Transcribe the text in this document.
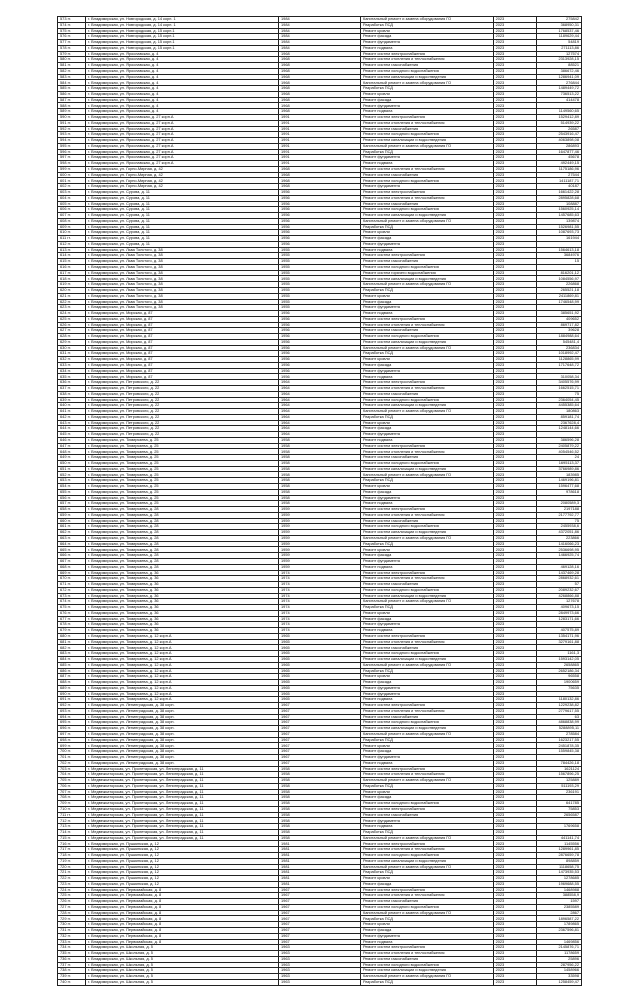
573 гг.	г. Владимирская, ул. Новгородская, д. 14 корп. 1	1984	Капитальный ремонт и замена оборудования ГО	2023	275842
574 гг.	г. Владимирская, ул. Новгородская, д. 14 корп. 1	1984	Разработка ПСД	2023	368950,31
575 гг.	г. Владимирская, ул. Новгородская, д. 15 корп.1	1984	Ремонт кровли	2023	1768537,46
576 гг.	г. Владимирская, ул. Новгородская, д. 15 корп.1	1984	Ремонт фасада	2023	1189629,44
577 гг.	г. Владимирская, ул. Новгородская, д. 15 корп.1	1984	Ремонт фундамента	2023	54819
578 гг.	г. Владимирская, ул. Новгородская, д. 15 корп.1	1984	Ремонт подвала	2023	271113,86
579 гг.	г. Владимирская, ул. Ярославская, д. 4	1968	Ремонт систем электроснабжения	2023	127574
580 гг.	г. Владимирская, ул. Ярославская, д. 4	1968	Ремонт систем отопления и теплоснабжения	2023	2313928,15
581 гг.	г. Владимирская, ул. Ярославская, д. 4	1968	Ремонт систем газоснабжения	2023	88521
582 гг.	г. Владимирская, ул. Ярославская, д. 4	1968	Ремонт систем холодного водоснабжения	2023	386672,46
583 гг.	г. Владимирская, ул. Ярославская, д. 4	1968	Ремонт систем канализации и водоотведения	2023	1286941,09
584 гг.	г. Владимирская, ул. Ярославская, д. 4	1968	Капитальный ремонт и замена оборудования ГО	2023	276844
585 гг.	г. Владимирская, ул. Ярославская, д. 4	1968	Разработка ПСД	2023	1489449,72
586 гг.	г. Владимирская, ул. Ярославская, д. 4	1968	Ремонт кровли	2023	736513,22
587 гг.	г. Владимирская, ул. Ярославская, д. 4	1968	Ремонт фасада	2023	414478
588 гг.	г. Владимирская, ул. Ярославская, д. 4	1968	Ремонт фундамента	2023	
589 гг.	г. Владимирская, ул. Ярославская, д. 4	1968	Ремонт подвала	2023	1149560,65
590 гг.	г. Владимирская, ул. Ярославская, д. 27 корп.А	1991	Ремонт систем электроснабжения	2023	1529412,89
591 гг.	г. Владимирская, ул. Ярославская, д. 27 корп.А	1991	Ремонт систем отопления и теплоснабжения	2023	514939,22
592 гг.	г. Владимирская, ул. Ярославская, д. 27 корп.А	1991	Ремонт систем газоснабжения	2023	26587
593 гг.	г. Владимирская, ул. Ярославская, д. 27 корп.А	1991	Ремонт систем холодного водоснабжения	2023	2543916,47
594 гг.	г. Владимирская, ул. Ярославская, д. 27 корп.А	1991	Ремонт систем канализации и водоотведения	2023	4063898,08
595 гг.	г. Владимирская, ул. Ярославская, д. 27 корп.А	1991	Капитальный ремонт и замена оборудования ГО	2023	286893
596 гг.	г. Владимирская, ул. Ярославская, д. 27 корп.А	1991	Разработка ПСД	2023	1647877,46
597 гг.	г. Владимирская, ул. Ярославская, д. 27 корп.А	1991	Ремонт фундамента	2023	45678
598 гг.	г. Владимирская, ул. Ярославская, д. 27 корп.А	1991	Ремонт подвала	2023	492449,15
599 гг.	г. Владимирская, ул. Горно-Мирная, д. 42	1968	Ремонт систем отопления и теплоснабжения	2023	1175186,96
600 гг.	г. Владимирская, ул. Горно-Мирная, д. 42	1968	Ремонт систем газоснабжения	2023	27544
601 гг.	г. Владимирская, ул. Горно-Мирная, д. 42	1968	Ремонт систем холодного водоснабжения	2023	1411187,71
602 гг.	г. Владимирская, ул. Горно-Мирная, д. 42	1968	Ремонт фундамента	2023	40187
603 гг.	г. Владимирская, ул. Сурова, д. 11	1956	Ремонт систем электроснабжения	2023	1661422,28
604 гг.	г. Владимирская, ул. Сурова, д. 11	1956	Ремонт систем отопления и теплоснабжения	2023	2895828,68
605 гг.	г. Владимирская, ул. Сурова, д. 11	1956	Ремонт систем газоснабжения	2023	108887
606 гг.	г. Владимирская, ул. Сурова, д. 11	1956	Ремонт систем холодного водоснабжения	2023	1560925,14
607 гг.	г. Владимирская, ул. Сурова, д. 11	1956	Ремонт систем канализации и водоотведения	2023	1457685,63
608 гг.	г. Владимирская, ул. Сурова, д. 11	1956	Капитальный ремонт и замена оборудования ГО	2023	139874
609 гг.	г. Владимирская, ул. Сурова, д. 11	1956	Разработка ПСД	2023	1526981,55
610 гг.	г. Владимирская, ул. Сурова, д. 11	1956	Ремонт кровли	2023	1087693,73
611 гг.	г. Владимирская, ул. Сурова, д. 11	1956	Ремонт фасада	2023	161944
612 гг.	г. Владимирская, ул. Сурова, д. 11	1956	Ремонт фундамента	2023	
613 гг.	г. Владимирская, ул. Льва Толстого, д. 38	1955	Ремонт подвала	2023	1564613,18
614 гг.	г. Владимирская, ул. Льва Толстого, д. 38	1955	Ремонт систем электроснабжения	2023	3684976
615 гг.	г. Владимирская, ул. Льва Толстого, д. 38	1955	Ремонт систем газоснабжения	2023	15
616 гг.	г. Владимирская, ул. Льва Толстого, д. 38	1955	Ремонт систем холодного водоснабжения	2023	
617 гг.	г. Владимирская, ул. Льва Толстого, д. 38	1955	Ремонт систем горячего водоснабжения	2023	816201,12
618 гг.	г. Владимирская, ул. Льва Толстого, д. 38	1955	Ремонт систем канализации и водоотведения	2023	1084556,97
619 гг.	г. Владимирская, ул. Льва Толстого, д. 38	1955	Капитальный ремонт и замена оборудования ГО	2023	226868
620 гг.	г. Владимирская, ул. Льва Толстого, д. 38	1955	Разработка ПСД	2023	265521,18
621 гг.	г. Владимирская, ул. Льва Толстого, д. 38	1955	Ремонт кровли	2023	2411869,81
622 гг.	г. Владимирская, ул. Льва Толстого, д. 38	1955	Ремонт фасада	2023	1746548,99
623 гг.	г. Владимирская, ул. Льва Толстого, д. 38	1955	Ремонт фундамента	2023	
624 гг.	г. Владимирская, ул. Мирская, д. 87	1956	Ремонт подвала	2023	385651,92
625 гг.	г. Владимирская, ул. Мирская, д. 87	1956	Ремонт систем электроснабжения	2023	409652
626 гг.	г. Владимирская, ул. Мирская, д. 87	1956	Ремонт систем отопления и теплоснабжения	2023	869717,82
627 гг.	г. Владимирская, ул. Мирская, д. 87	1956	Ремонт систем газоснабжения	2023	39628
628 гг.	г. Владимирская, ул. Мирская, д. 87	1956	Ремонт систем холодного водоснабжения	2023	1884988,64
629 гг.	г. Владимирская, ул. Мирская, д. 87	1956	Ремонт систем канализации и водоотведения	2023	545481,4
630 гг.	г. Владимирская, ул. Мирская, д. 87	1956	Капитальный ремонт и замена оборудования ГО	2023	236834
631 гг.	г. Владимирская, ул. Мирская, д. 87	1956	Разработка ПСД	2023	1018992,47
632 гг.	г. Владимирская, ул. Мирская, д. 87	1956	Ремонт кровли	2023	1128865,99
633 гг.	г. Владимирская, ул. Мирская, д. 87	1956	Ремонт фасада	2023	1717648,72
634 гг.	г. Владимирская, ул. Мирская, д. 87	1956	Ремонт фундамента	2023	
635 гг.	г. Владимирская, ул. Мирская, д. 87	1956	Ремонт подвала	2023	310058,34
636 гг.	г. Владимирская, ул. Петровского, д. 22	1964	Ремонт систем электроснабжения	2023	3405576,99
637 гг.	г. Владимирская, ул. Петровского, д. 22	1964	Ремонт систем отопления и теплоснабжения	2023	1662515,71
638 гг.	г. Владимирская, ул. Петровского, д. 22	1964	Ремонт систем газоснабжения	2023	75
639 гг.	г. Владимирская, ул. Петровского, д. 22	1964	Ремонт систем холодного водоснабжения	2023	2364054,45
640 гг.	г. Владимирская, ул. Петровского, д. 22	1964	Ремонт систем канализации и водоотведения	2023	4455385,64
641 гг.	г. Владимирская, ул. Петровского, д. 22	1964	Капитальный ремонт и замена оборудования ГО	2023	180863
642 гг.	г. Владимирская, ул. Петровского, д. 22	1964	Разработка ПСД	2023	859181,74
643 гг.	г. Владимирская, ул. Петровского, д. 22	1964	Ремонт кровли	2023	2367628,4
644 гг.	г. Владимирская, ул. Петровского, д. 22	1964	Ремонт фасада	2023	1248144,66
645 гг.	г. Владимирская, ул. Петровского, д. 22	1964	Ремонт фундамента	2023	
646 гг.	г. Владимирская, ул. Тимирязева, д. 25	1958	Ремонт подвала	2023	386596,28
647 гг.	г. Владимирская, ул. Тимирязева, д. 25	1958	Ремонт систем электроснабжения	2023	2405879,22
648 гг.	г. Владимирская, ул. Тимирязева, д. 25	1958	Ремонт систем отопления и теплоснабжения	2023	4054546,52
649 гг.	г. Владимирская, ул. Тимирязева, д. 25	1958	Ремонт систем газоснабжения	2023	24
650 гг.	г. Владимирская, ул. Тимирязева, д. 25	1958	Ремонт систем холодного водоснабжения	2023	1695113,37
651 гг.	г. Владимирская, ул. Тимирязева, д. 25	1958	Ремонт систем канализации и водоотведения	2023	3766989,86
652 гг.	г. Владимирская, ул. Тимирязева, д. 25	1958	Капитальный ремонт и замена оборудования ГО	2023	183985
653 гг.	г. Владимирская, ул. Тимирязева, д. 25	1958	Разработка ПСД	2023	1469196,81
654 гг.	г. Владимирская, ул. Тимирязева, д. 25	1958	Ремонт кровли	2023	1596477,68
655 гг.	г. Владимирская, ул. Тимирязева, д. 25	1958	Ремонт фасада	2023	978618
656 гг.	г. Владимирская, ул. Тимирязева, д. 25	1958	Ремонт фундамента	2023	
657 гг.	г. Владимирская, ул. Тимирязева, д. 25	1958	Ремонт подвала	2023	2080589,3
658 гг.	г. Владимирская, ул. Тимирязева, д. 28	1959	Ремонт систем электроснабжения	2023	2197188
659 гг.	г. Владимирская, ул. Тимирязева, д. 28	1959	Ремонт систем отопления и теплоснабжения	2023	2177792,77
660 гг.	г. Владимирская, ул. Тимирязева, д. 28	1959	Ремонт систем газоснабжения	2023	75
661 гг.	г. Владимирская, ул. Тимирязева, д. 28	1959	Ремонт систем холодного водоснабжения	2023	2455938,6
662 гг.	г. Владимирская, ул. Тимирязева, д. 28	1959	Ремонт систем канализации и водоотведения	2023	4372051,86
663 гг.	г. Владимирская, ул. Тимирязева, д. 28	1959	Капитальный ремонт и замена оборудования ГО	2023	223866
664 гг.	г. Владимирская, ул. Тимирязева, д. 28	1959	Разработка ПСД	2023	1416066,23
665 гг.	г. Владимирская, ул. Тимирязева, д. 28	1959	Ремонт кровли	2023	2536698,95
666 гг.	г. Владимирская, ул. Тимирязева, д. 28	1959	Ремонт фасада	2023	1466925,74
667 гг.	г. Владимирская, ул. Тимирязева, д. 28	1959	Ремонт фундамента	2023	
668 гг.	г. Владимирская, ул. Тимирязева, д. 28	1959	Ремонт подвала	2023	469128,16
669 гг.	г. Владимирская, ул. Тимирязева, д. 36	1974	Ремонт систем электроснабжения	2023	1437469,28
670 гг.	г. Владимирская, ул. Тимирязева, д. 36	1974	Ремонт систем отопления и теплоснабжения	2023	2868932,61
671 гг.	г. Владимирская, ул. Тимирязева, д. 36	1974	Ремонт систем газоснабжения	2023	57
672 гг.	г. Владимирская, ул. Тимирязева, д. 36	1974	Ремонт систем холодного водоснабжения	2023	2089232,67
673 гг.	г. Владимирская, ул. Тимирязева, д. 36	1974	Ремонт систем канализации и водоотведения	2023	4268866,88
674 гг.	г. Владимирская, ул. Тимирязева, д. 36	1974	Капитальный ремонт и замена оборудования ГО	2023	127678
675 гг.	г. Владимирская, ул. Тимирязева, д. 36	1974	Разработка ПСД	2023	409673,15
676 гг.	г. Владимирская, ул. Тимирязева, д. 36	1974	Ремонт кровли	2023	2849973,66
677 гг.	г. Владимирская, ул. Тимирязева, д. 36	1974	Ремонт фасада	2023	1283171,66
678 гг.	г. Владимирская, ул. Тимирязева, д. 36	1974	Ремонт фундамента	2023	
679 гг.	г. Владимирская, ул. Тимирязева, д. 36	1974	Ремонт подвала	2023	407575,89
680 гг.	г. Владимирская, ул. Тимирязева, д. 12 корп.А	1965	Ремонт систем электроснабжения	2023	1354171,96
681 гг.	г. Владимирская, ул. Тимирязева, д. 12 корп.А	1965	Ремонт систем отопления и теплоснабжения	2023	3279161,88
682 гг.	г. Владимирская, ул. Тимирязева, д. 12 корп.А	1965	Ремонт систем газоснабжения	2023	
683 гг.	г. Владимирская, ул. Тимирязева, д. 12 корп.А	1965	Ремонт систем холодного водоснабжения	2023	1161,3
684 гг.	г. Владимирская, ул. Тимирязева, д. 12 корп.А	1965	Ремонт систем канализации и водоотведения	2023	1593142,05
685 гг.	г. Владимирская, ул. Тимирязева, д. 12 корп.А	1965	Капитальный ремонт и замена оборудования ГО	2023	2658865
686 гг.	г. Владимирская, ул. Тимирязева, д. 12 корп.А	1965	Разработка ПСД	2023	2652186,34
687 гг.	г. Владимирская, ул. Тимирязева, д. 12 корп.А	1965	Ремонт кровли	2023	96558
688 гг.	г. Владимирская, ул. Тимирязева, д. 12 корп.А	1965	Ремонт фасада	2023	1900659
689 гг.	г. Владимирская, ул. Тимирязева, д. 12 корп.А	1965	Ремонт фундамента	2023	75635
690 гг.	г. Владимирская, ул. Тимирязева, д. 12 корп.А	1965	Ремонт фундамента	2023	
691 гг.	г. Владимирская, ул. Тимирязева, д. 12 корп.А	1965	Ремонт подвала	2023	1180132,86
692 гг.	г. Владимирская, ул. Ленинградская, д. 38 корп.	1967	Ремонт систем электроснабжения	2023	1229238,82
693 гг.	г. Владимирская, ул. Ленинградская, д. 38 корп.	1967	Ремонт систем отопления и теплоснабжения	2023	2779617,55
694 гг.	г. Владимирская, ул. Ленинградская, д. 38 корп.	1967	Ремонт систем газоснабжения	2023	63
695 гг.	г. Владимирская, ул. Ленинградская, д. 38 корп.	1967	Ремонт систем холодного водоснабжения	2023	4868838,99
696 гг.	г. Владимирская, ул. Ленинградская, д. 38 корп.	1967	Ремонт систем канализации и водоотведения	2023	5288895,11
697 гг.	г. Владимирская, ул. Ленинградская, д. 38 корп.	1967	Капитальный ремонт и замена оборудования ГО	2023	278584
698 гг.	г. Владимирская, ул. Ленинградская, д. 38 корп.	1967	Разработка ПСД	2023	1623217,55
699 гг.	г. Владимирская, ул. Ленинградская, д. 38 корп.	1967	Ремонт кровли	2023	2451878,35
700 гг.	г. Владимирская, ул. Ленинградская, д. 38 корп.	1967	Ремонт фасада	2023	1559845,38
701 гг.	г. Владимирская, ул. Ленинградская, д. 38 корп.	1967	Ремонт фундамента	2023	
702 гг.	г. Владимирская, ул. Ленинградская, д. 38 корп.	1967	Ремонт подвала	2023	784426,18
703 гг.	г. Медвежьегорская, ул. Пролетарская, ул. Ленинградская, д. 11	1958	Ремонт систем электроснабжения	2023	1621124
704 гг.	г. Медвежьегорская, ул. Пролетарская, ул. Ленинградская, д. 11	1958	Ремонт систем отопления и теплоснабжения	2023	1567896,25
705 гг.	г. Медвежьегорская, ул. Пролетарская, ул. Ленинградская, д. 11	1958	Капитальный ремонт и замена оборудования ГО	2023	125889
706 гг.	г. Медвежьегорская, ул. Пролетарская, ул. Ленинградская, д. 11	1958	Разработка ПСД	2023	511193,29
707 гг.	г. Медвежьегорская, ул. Пролетарская, ул. Ленинградская, д. 11	1958	Ремонт кровли	2023	236191
708 гг.	г. Медвежьегорская, ул. Пролетарская, ул. Ленинградская, д. 11	1958	Ремонт фасада	2023	
709 гг.	г. Медвежьегорская, ул. Пролетарская, ул. Ленинградская, д. 11	1958	Ремонт систем холодного водоснабжения	2023	641785
710 гг.	г. Медвежьегорская, ул. Пролетарская, ул. Ленинградская, д. 11	1958	Ремонт систем электроснабжения	2023	75853
711 гг.	г. Медвежьегорская, ул. Пролетарская, ул. Ленинградская, д. 11	1958	Ремонт систем газоснабжения	2023	2656587
712 гг.	г. Медвежьегорская, ул. Пролетарская, ул. Ленинградская, д. 11	1958	Ремонт фундамента	2023	
713 гг.	г. Медвежьегорская, ул. Пролетарская, ул. Ленинградская, д. 11	1958	Ремонт подвала	2023	1769658
714 гг.	г. Медвежьегорская, ул. Пролетарская, ул. Ленинградская, д. 11	1958	Разработка ПСД	2023	
715 гг.	г. Медвежьегорская, ул. Пролетарская, ул. Ленинградская, д. 11	1958	Капитальный ремонт и замена оборудования ГО	2023	441141,74
716 гг.	г. Владимирская, ул. Пушкинская, д. 12	1981	Ремонт систем электроснабжения	2023	1145556
717 гг.	г. Владимирская, ул. Пушкинская, д. 12	1981	Ремонт систем отопления и теплоснабжения	2023	1289961,85
718 гг.	г. Владимирская, ул. Пушкинская, д. 12	1981	Ремонт систем холодного водоснабжения	2023	2876659,78
719 гг.	г. Владимирская, ул. Пушкинская, д. 12	1981	Ремонт систем канализации и водоотведения	2023	898859
720 гг.	г. Владимирская, ул. Пушкинская, д. 12	1981	Капитальный ремонт и замена оборудования ГО	2023	1118658,75
721 гг.	г. Владимирская, ул. Пушкинская, д. 12	1981	Разработка ПСД	2023	1473935,53
722 гг.	г. Владимирская, ул. Пушкинская, д. 12	1981	Ремонт кровли	2023	1278685
723 гг.	г. Владимирская, ул. Пушкинская, д. 12	1981	Ремонт фасада	2023	1969688,55
724 гг.	г. Владимирская, ул. Первомайская, д. 8	1967	Ремонт систем электроснабжения	2023	1468988
725 гг.	г. Владимирская, ул. Первомайская, д. 8	1967	Ремонт систем отопления и теплоснабжения	2023	388558,9
726 гг.	г. Владимирская, ул. Первомайская, д. 8	1967	Ремонт систем газоснабжения	2023	1597
727 гг.	г. Владимирская, ул. Первомайская, д. 8	1967	Ремонт систем холодного водоснабжения	2023	2385589
728 гг.	г. Владимирская, ул. Первомайская, д. 8	1967	Капитальный ремонт и замена оборудования ГО	2023	2867
729 гг.	г. Владимирская, ул. Первомайская, д. 8	1967	Разработка ПСД	2023	1896587,22
730 гг.	г. Владимирская, ул. Первомайская, д. 8	1967	Ремонт кровли	2023	1789865
731 гг.	г. Владимирская, ул. Первомайская, д. 8	1967	Ремонт фасада	2023	2367596,81
732 гг.	г. Владимирская, ул. Первомайская, д. 8	1967	Ремонт фундамента	2023	
733 гг.	г. Владимирская, ул. Первомайская, д. 8	1967	Ремонт подвала	2023	1469856
734 гг.	г. Владимирская, ул. Школьная, д. 5	1963	Ремонт систем электроснабжения	2023	2145876,71
735 гг.	г. Владимирская, ул. Школьная, д. 5	1963	Ремонт систем отопления и теплоснабжения	2023	1178659
736 гг.	г. Владимирская, ул. Школьная, д. 5	1963	Ремонт систем газоснабжения	2023	25896
737 гг.	г. Владимирская, ул. Школьная, д. 5	1963	Ремонт систем холодного водоснабжения	2023	287956,22
738 гг.	г. Владимирская, ул. Школьная, д. 5	1963	Ремонт систем канализации и водоотведения	2023	1458966
739 гг.	г. Владимирская, ул. Школьная, д. 5	1963	Капитальный ремонт и замена оборудования ГО	2023	33598
740 гг.	г. Владимирская, ул. Школьная, д. 5	1963	Разработка ПСД	2023	1258459,47
